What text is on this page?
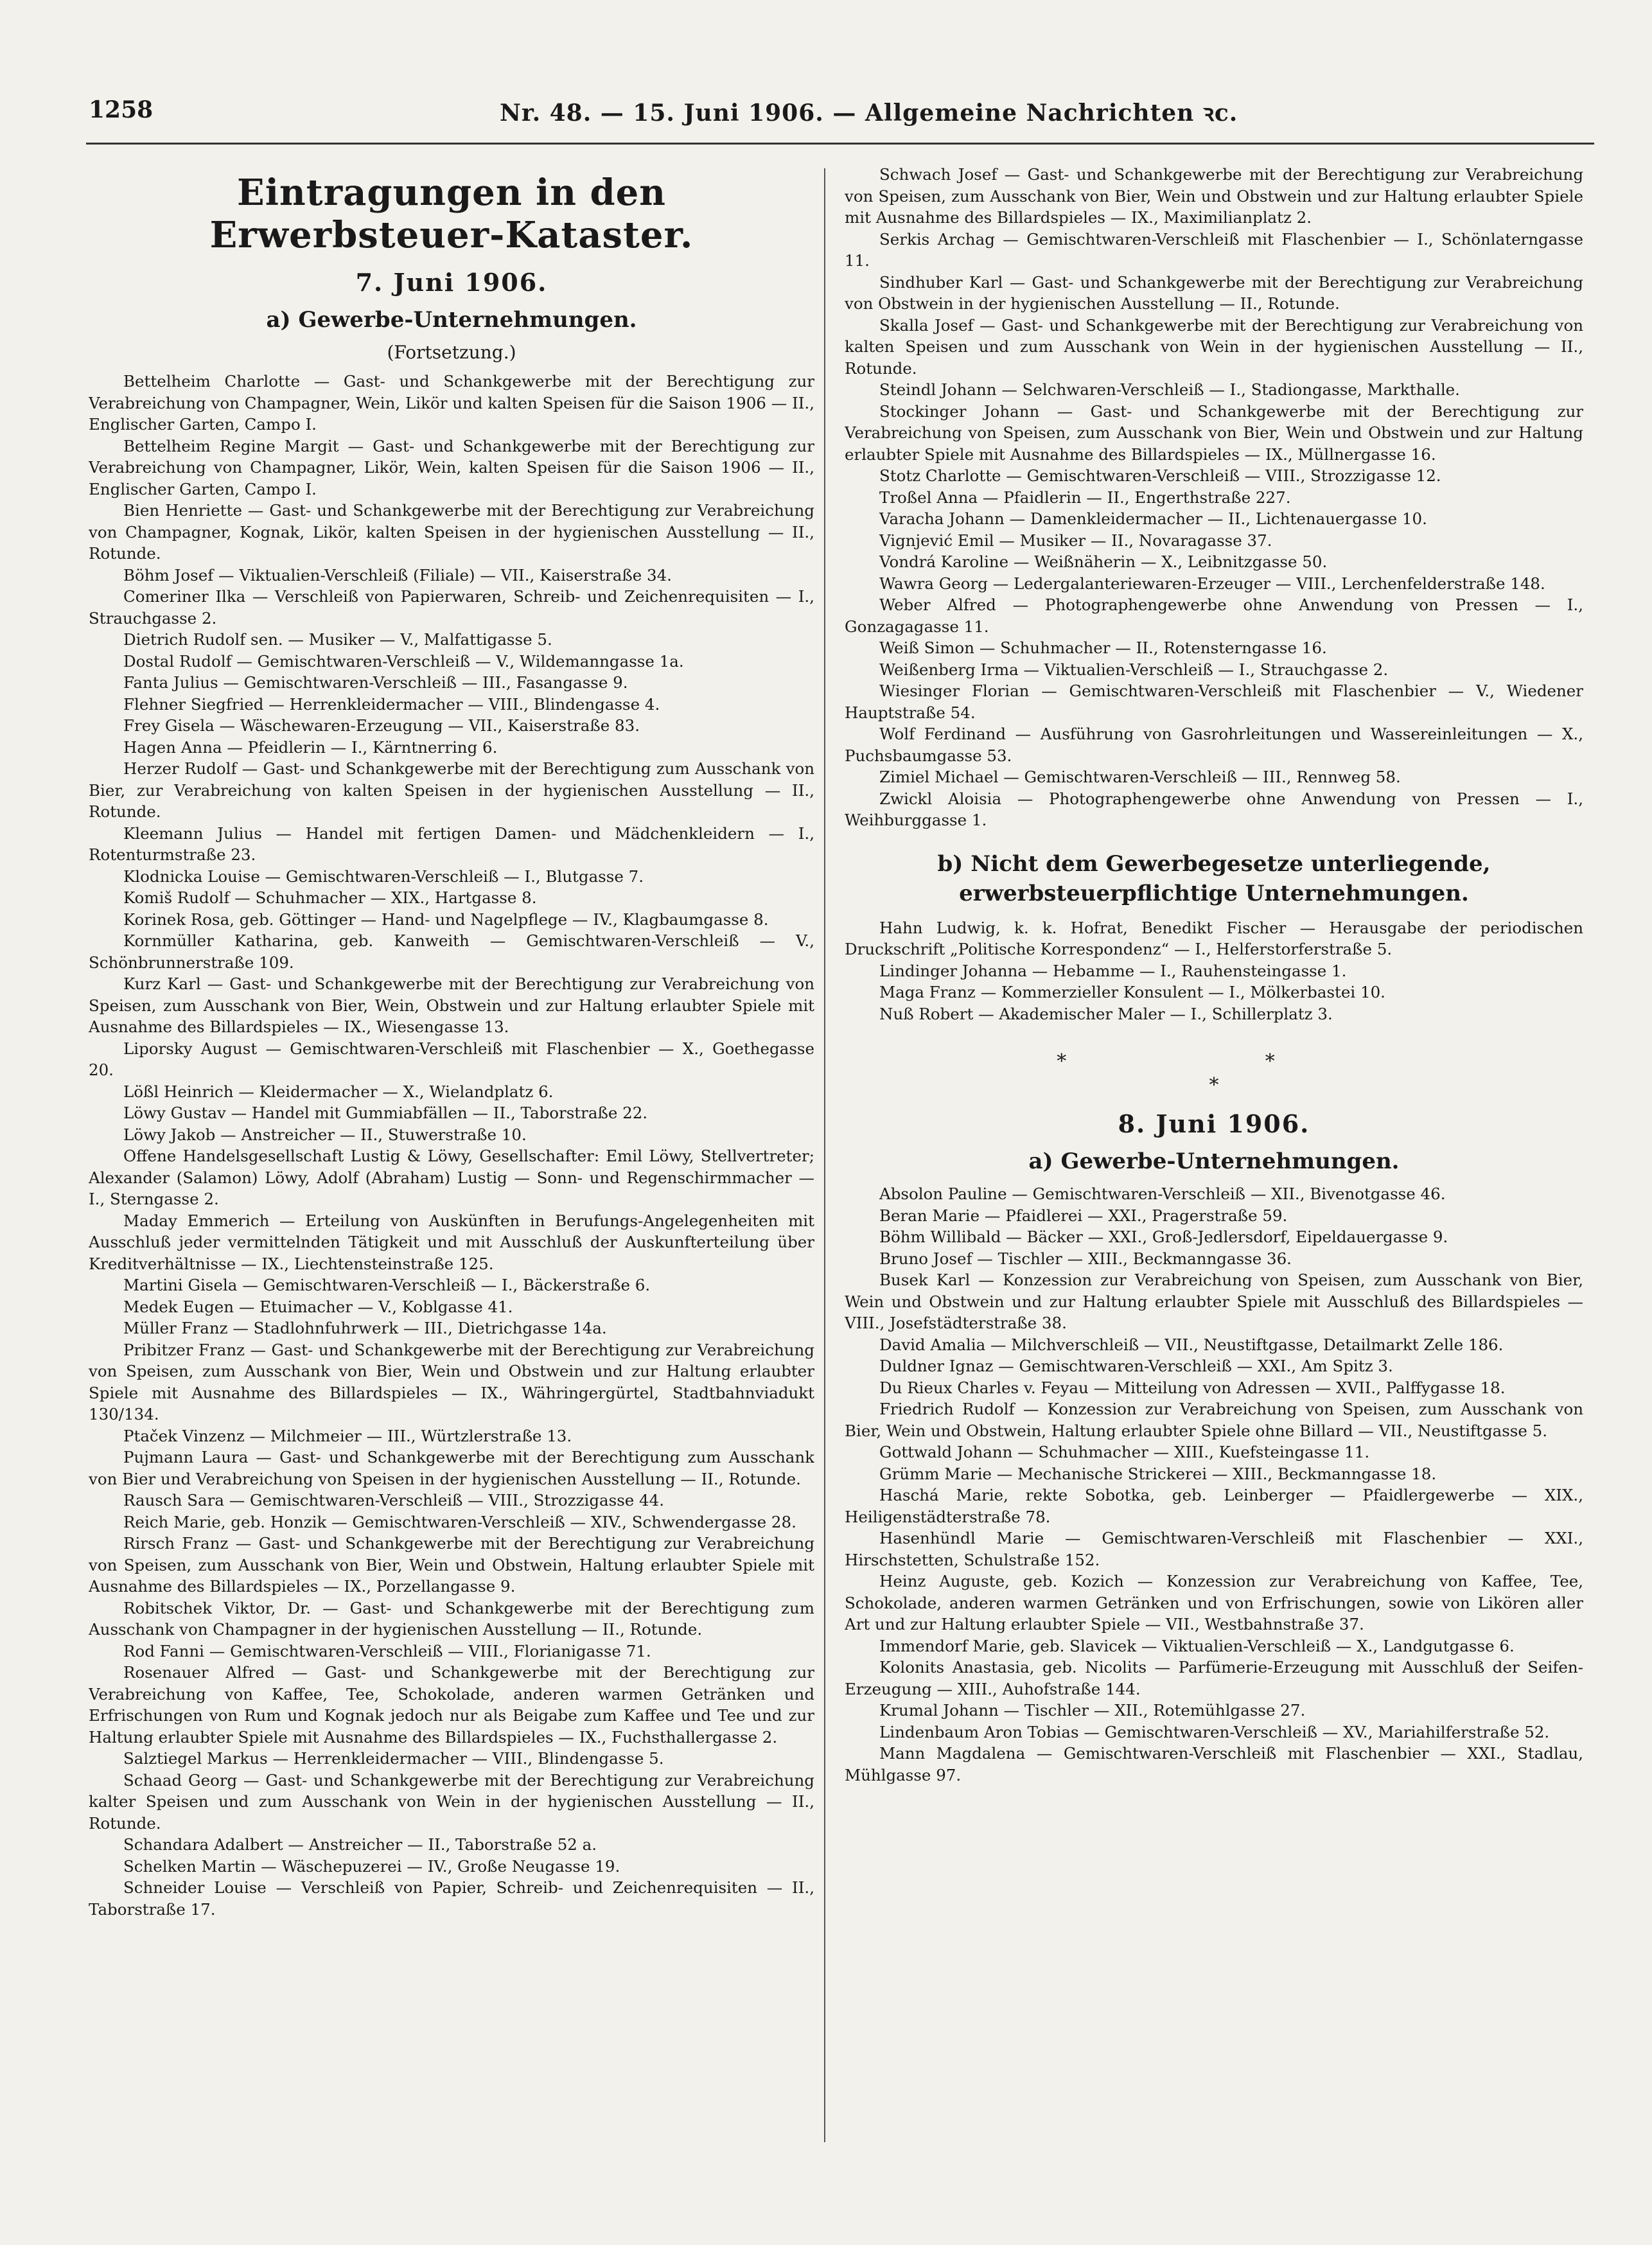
1258	Nr. 48. — 15. Juni 1906. — Allgemeine Nachrichten ꝛc.
Eintragungen in den Erwerbsteuer-Kataster.
7. Juni 1906.
a) Gewerbe-Unternehmungen.
(Fortsetzung.)

Bettelheim Charlotte — Gast- und Schankgewerbe mit der Berechtigung zur Verabreichung von Champagner, Wein, Likör und kalten Speisen für die Saison 1906 — II., Englischer Garten, Campo I.

Bettelheim Regine Margit — Gast- und Schankgewerbe mit der Berechtigung zur Verabreichung von Champagner, Likör, Wein, kalten Speisen für die Saison 1906 — II., Englischer Garten, Campo I.

Bien Henriette — Gast- und Schankgewerbe mit der Berechtigung zur Verabreichung von Champagner, Kognak, Likör, kalten Speisen in der hygienischen Ausstellung — II., Rotunde.

Böhm Josef — Viktualien-Verschleiß (Filiale) — VII., Kaiserstraße 34.

Comeriner Ilka — Verschleiß von Papierwaren, Schreib- und Zeichenrequisiten — I., Strauchgasse 2.

Dietrich Rudolf sen. — Musiker — V., Malfattigasse 5.

Dostal Rudolf — Gemischtwaren-Verschleiß — V., Wildemanngasse 1a.

Fanta Julius — Gemischtwaren-Verschleiß — III., Fasangasse 9.

Flehner Siegfried — Herrenkleidermacher — VIII., Blindengasse 4.

Frey Gisela — Wäschewaren-Erzeugung — VII., Kaiserstraße 83.

Hagen Anna — Pfeidlerin — I., Kärntnerring 6.

Herzer Rudolf — Gast- und Schankgewerbe mit der Berechtigung zum Ausschank von Bier, zur Verabreichung von kalten Speisen in der hygienischen Ausstellung — II., Rotunde.

Kleemann Julius — Handel mit fertigen Damen- und Mädchenkleidern — I., Rotenturmstraße 23.

Klodnicka Louise — Gemischtwaren-Verschleiß — I., Blutgasse 7.

Komiš Rudolf — Schuhmacher — XIX., Hartgasse 8.

Korinek Rosa, geb. Göttinger — Hand- und Nagelpflege — IV., Klagbaumgasse 8.

Kornmüller Katharina, geb. Kanweith — Gemischtwaren-Verschleiß — V., Schönbrunnerstraße 109.

Kurz Karl — Gast- und Schankgewerbe mit der Berechtigung zur Verabreichung von Speisen, zum Ausschank von Bier, Wein, Obstwein und zur Haltung erlaubter Spiele mit Ausnahme des Billardspieles — IX., Wiesengasse 13.

Liporsky August — Gemischtwaren-Verschleiß mit Flaschenbier — X., Goethegasse 20.

Lößl Heinrich — Kleidermacher — X., Wielandplatz 6.

Löwy Gustav — Handel mit Gummiabfällen — II., Taborstraße 22.

Löwy Jakob — Anstreicher — II., Stuwerstraße 10.

Offene Handelsgesellschaft Lustig & Löwy, Gesellschafter: Emil Löwy, Stellvertreter; Alexander (Salamon) Löwy, Adolf (Abraham) Lustig — Sonn- und Regenschirmmacher — I., Sterngasse 2.

Maday Emmerich — Erteilung von Auskünften in Berufungs-Angelegenheiten mit Ausschluß jeder vermittelnden Tätigkeit und mit Ausschluß der Auskunfterteilung über Kreditverhältnisse — IX., Liechtensteinstraße 125.

Martini Gisela — Gemischtwaren-Verschleiß — I., Bäckerstraße 6.

Medek Eugen — Etuimacher — V., Koblgasse 41.

Müller Franz — Stadlohnfuhrwerk — III., Dietrichgasse 14a.

Pribitzer Franz — Gast- und Schankgewerbe mit der Berechtigung zur Verabreichung von Speisen, zum Ausschank von Bier, Wein und Obstwein und zur Haltung erlaubter Spiele mit Ausnahme des Billardspieles — IX., Währingergürtel, Stadtbahnviadukt 130/134.

Ptaček Vinzenz — Milchmeier — III., Würtzlerstraße 13.

Pujmann Laura — Gast- und Schankgewerbe mit der Berechtigung zum Ausschank von Bier und Verabreichung von Speisen in der hygienischen Ausstellung — II., Rotunde.

Rausch Sara — Gemischtwaren-Verschleiß — VIII., Strozzigasse 44.

Reich Marie, geb. Honzik — Gemischtwaren-Verschleiß — XIV., Schwendergasse 28.

Rirsch Franz — Gast- und Schankgewerbe mit der Berechtigung zur Verabreichung von Speisen, zum Ausschank von Bier, Wein und Obstwein, Haltung erlaubter Spiele mit Ausnahme des Billardspieles — IX., Porzellangasse 9.

Robitschek Viktor, Dr. — Gast- und Schankgewerbe mit der Berechtigung zum Ausschank von Champagner in der hygienischen Ausstellung — II., Rotunde.

Rod Fanni — Gemischtwaren-Verschleiß — VIII., Florianigasse 71.

Rosenauer Alfred — Gast- und Schankgewerbe mit der Berechtigung zur Verabreichung von Kaffee, Tee, Schokolade, anderen warmen Getränken und Erfrischungen von Rum und Kognak jedoch nur als Beigabe zum Kaffee und Tee und zur Haltung erlaubter Spiele mit Ausnahme des Billardspieles — IX., Fuchsthallergasse 2.

Salztiegel Markus — Herrenkleidermacher — VIII., Blindengasse 5.

Schaad Georg — Gast- und Schankgewerbe mit der Berechtigung zur Verabreichung kalter Speisen und zum Ausschank von Wein in der hygienischen Ausstellung — II., Rotunde.

Schandara Adalbert — Anstreicher — II., Taborstraße 52 a.

Schelken Martin — Wäschepuzerei — IV., Große Neugasse 19.

Schneider Louise — Verschleiß von Papier, Schreib- und Zeichenrequisiten — II., Taborstraße 17.

Schwach Josef — Gast- und Schankgewerbe mit der Berechtigung zur Verabreichung von Speisen, zum Ausschank von Bier, Wein und Obstwein und zur Haltung erlaubter Spiele mit Ausnahme des Billardspieles — IX., Maximilianplatz 2.

Serkis Archag — Gemischtwaren-Verschleiß mit Flaschenbier — I., Schönlaterngasse 11.

Sindhuber Karl — Gast- und Schankgewerbe mit der Berechtigung zur Verabreichung von Obstwein in der hygienischen Ausstellung — II., Rotunde.

Skalla Josef — Gast- und Schankgewerbe mit der Berechtigung zur Verabreichung von kalten Speisen und zum Ausschank von Wein in der hygienischen Ausstellung — II., Rotunde.

Steindl Johann — Selchwaren-Verschleiß — I., Stadiongasse, Markthalle.

Stockinger Johann — Gast- und Schankgewerbe mit der Berechtigung zur Verabreichung von Speisen, zum Ausschank von Bier, Wein und Obstwein und zur Haltung erlaubter Spiele mit Ausnahme des Billardspieles — IX., Müllnergasse 16.

Stotz Charlotte — Gemischtwaren-Verschleiß — VIII., Strozzigasse 12.

Troßel Anna — Pfaidlerin — II., Engerthstraße 227.

Varacha Johann — Damenkleidermacher — II., Lichtenauergasse 10.

Vignjević Emil — Musiker — II., Novaragasse 37.

Vondrá Karoline — Weißnäherin — X., Leibnitzgasse 50.

Wawra Georg — Ledergalanteriewaren-Erzeuger — VIII., Lerchenfelderstraße 148.

Weber Alfred — Photographengewerbe ohne Anwendung von Pressen — I., Gonzagagasse 11.

Weiß Simon — Schuhmacher — II., Rotensterngasse 16.

Weißenberg Irma — Viktualien-Verschleiß — I., Strauchgasse 2.

Wiesinger Florian — Gemischtwaren-Verschleiß mit Flaschenbier — V., Wiedener Hauptstraße 54.

Wolf Ferdinand — Ausführung von Gasrohrleitungen und Wassereinleitungen — X., Puchsbaumgasse 53.

Zimiel Michael — Gemischtwaren-Verschleiß — III., Rennweg 58.

Zwickl Aloisia — Photographengewerbe ohne Anwendung von Pressen — I., Weihburggasse 1.

b) Nicht dem Gewerbegesetze unterliegende, erwerbsteuerpflichtige Unternehmungen.

Hahn Ludwig, k. k. Hofrat, Benedikt Fischer — Herausgabe der periodischen Druckschrift „Politische Korrespondenz“ — I., Helferstorferstraße 5.

Lindinger Johanna — Hebamme — I., Rauhensteingasse 1.

Maga Franz — Kommerzieller Konsulent — I., Mölkerbastei 10.

Nuß Robert — Akademischer Maler — I., Schillerplatz 3.

* *
*
8. Juni 1906.
a) Gewerbe-Unternehmungen.

Absolon Pauline — Gemischtwaren-Verschleiß — XII., Bivenotgasse 46.

Beran Marie — Pfaidlerei — XXI., Pragerstraße 59.

Böhm Willibald — Bäcker — XXI., Groß-Jedlersdorf, Eipeldauergasse 9.

Bruno Josef — Tischler — XIII., Beckmanngasse 36.

Busek Karl — Konzession zur Verabreichung von Speisen, zum Ausschank von Bier, Wein und Obstwein und zur Haltung erlaubter Spiele mit Ausschluß des Billardspieles — VIII., Josefstädterstraße 38.

David Amalia — Milchverschleiß — VII., Neustiftgasse, Detailmarkt Zelle 186.

Duldner Ignaz — Gemischtwaren-Verschleiß — XXI., Am Spitz 3.

Du Rieux Charles v. Feyau — Mitteilung von Adressen — XVII., Palffygasse 18.

Friedrich Rudolf — Konzession zur Verabreichung von Speisen, zum Ausschank von Bier, Wein und Obstwein, Haltung erlaubter Spiele ohne Billard — VII., Neustiftgasse 5.

Gottwald Johann — Schuhmacher — XIII., Kuefsteingasse 11.

Grümm Marie — Mechanische Strickerei — XIII., Beckmanngasse 18.

Haschá Marie, rekte Sobotka, geb. Leinberger — Pfaidlergewerbe — XIX., Heiligenstädterstraße 78.

Hasenhündl Marie — Gemischtwaren-Verschleiß mit Flaschenbier — XXI., Hirschstetten, Schulstraße 152.

Heinz Auguste, geb. Kozich — Konzession zur Verabreichung von Kaffee, Tee, Schokolade, anderen warmen Getränken und von Erfrischungen, sowie von Likören aller Art und zur Haltung erlaubter Spiele — VII., Westbahnstraße 37.

Immendorf Marie, geb. Slavicek — Viktualien-Verschleiß — X., Landgutgasse 6.

Kolonits Anastasia, geb. Nicolits — Parfümerie-Erzeugung mit Ausschluß der Seifen-Erzeugung — XIII., Auhofstraße 144.

Krumal Johann — Tischler — XII., Rotemühlgasse 27.

Lindenbaum Aron Tobias — Gemischtwaren-Verschleiß — XV., Mariahilferstraße 52.

Mann Magdalena — Gemischtwaren-Verschleiß mit Flaschenbier — XXI., Stadlau, Mühlgasse 97.
